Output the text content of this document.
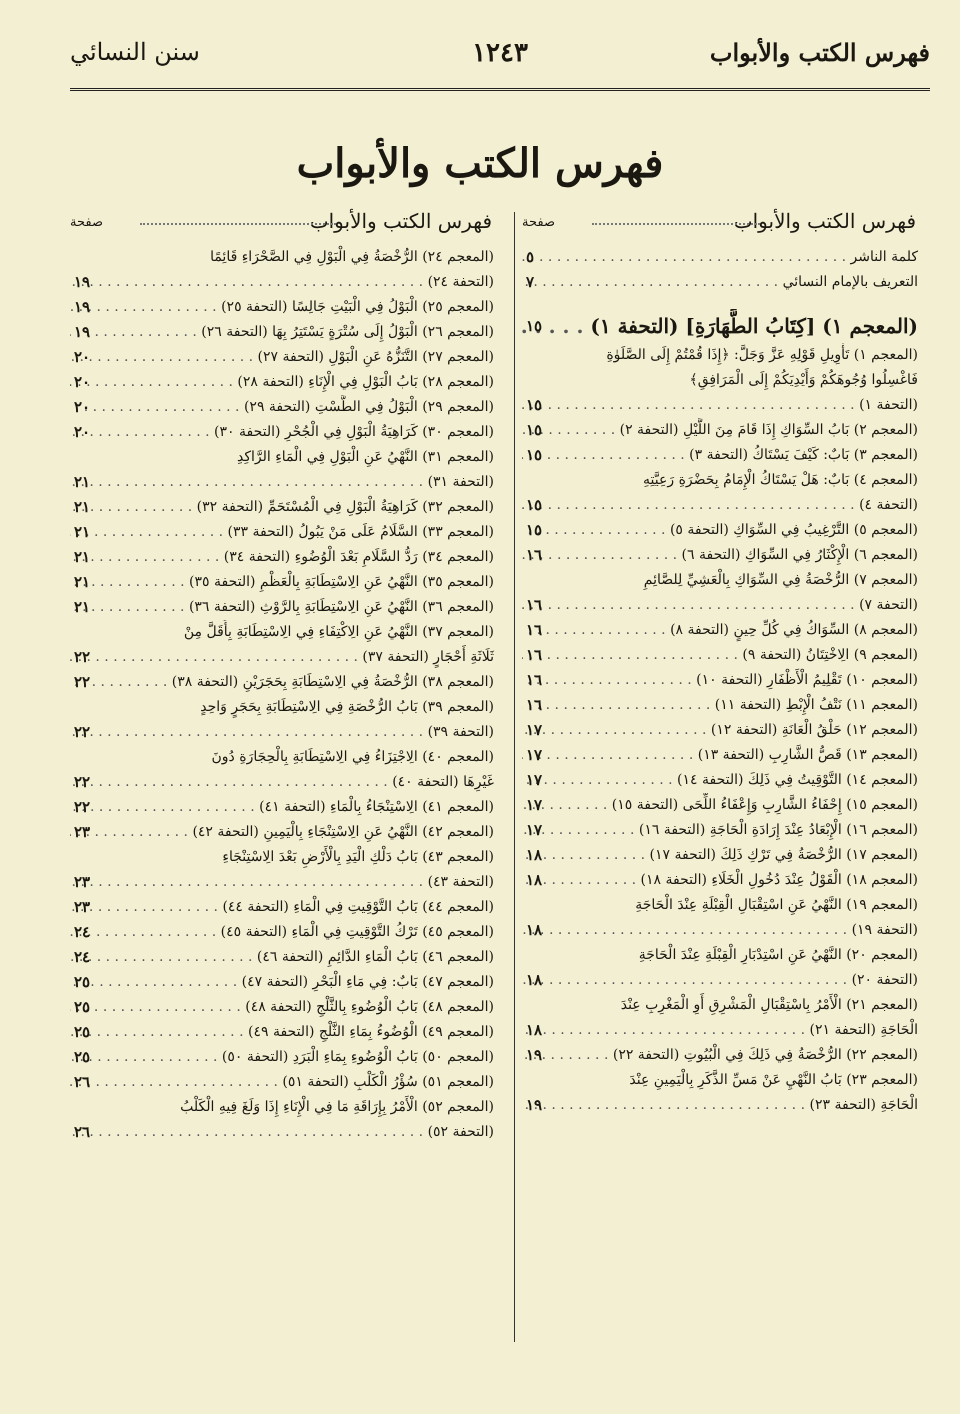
فهرس الكتب والأبواب
١٢٤٣
سنن النسائي
فهرس الكتب والأبواب
فهرس الكتب والأبواب
صفحة
كلمة الناشر . . .
٥
التعريف بالإمام النسائي . . .
٧
(المعجم ١) [كِتَابُ الطَّهَارَةِ] (التحفة ١) . . .
١٥
(المعجم ١) تَأْوِيلِ قَوْلِهِ عَزَّ وَجَلَّ: ﴿إِذَا قُمْتُمْ إِلَى الصَّلَوٰةِ
فَاغْسِلُوا وُجُوهَكُمْ وَأَيْدِيَكُمْ إِلَى الْمَرَافِقِ﴾
(التحفة ١) . . .
١٥
(المعجم ٢) بَابُ السِّوَاكِ إِذَا قَامَ مِنَ اللَّيْلِ (التحفة ٢) . . .
١٥
(المعجم ٣) بَابٌ: كَيْفَ يَسْتَاكُ (التحفة ٣) . . .
١٥
(المعجم ٤) بَابٌ: هَلْ يَسْتَاكُ الْإِمَامُ بِحَضْرَةِ رَعِيَّتِهِ
(التحفة ٤) . . .
١٥
(المعجم ٥) التَّرْغِيبُ فِي السِّوَاكِ (التحفة ٥) . . .
١٥
(المعجم ٦) الْإِكْثَارُ فِي السِّوَاكِ (التحفة ٦) . . .
١٦
(المعجم ٧) الرُّخْصَةُ فِي السِّوَاكِ بِالْعَشِيِّ لِلصَّائِمِ
(التحفة ٧) . . .
١٦
(المعجم ٨) السِّوَاكُ فِي كُلِّ حِينٍ (التحفة ٨) . . .
١٦
(المعجم ٩) الِاخْتِتَانُ (التحفة ٩) . . .
١٦
(المعجم ١٠) تَقْلِيمُ الْأَظْفَارِ (التحفة ١٠) . . .
١٦
(المعجم ١١) نَتْفُ الْإِبْطِ (التحفة ١١) . . .
١٦
(المعجم ١٢) حَلْقُ الْعَانَةِ (التحفة ١٢) . . .
١٧
(المعجم ١٣) قَصُّ الشَّارِبِ (التحفة ١٣) . . .
١٧
(المعجم ١٤) التَّوْقِيتُ فِي ذَلِكَ (التحفة ١٤) . . .
١٧
(المعجم ١٥) إِحْفَاءُ الشَّارِبِ وَإِعْفَاءُ اللِّحَى (التحفة ١٥) . . .
١٧
(المعجم ١٦) الْإِبْعَادُ عِنْدَ إِرَادَةِ الْحَاجَةِ (التحفة ١٦) . . .
١٧
(المعجم ١٧) الرُّخْصَةُ فِي تَرْكِ ذَلِكَ (التحفة ١٧) . . .
١٨
(المعجم ١٨) الْقَوْلُ عِنْدَ دُخُولِ الْخَلَاءِ (التحفة ١٨) . . .
١٨
(المعجم ١٩) النَّهْيُ عَنِ اسْتِقْبَالِ الْقِبْلَةِ عِنْدَ الْحَاجَةِ
(التحفة ١٩) . . .
١٨
(المعجم ٢٠) النَّهْيُ عَنِ اسْتِدْبَارِ الْقِبْلَةِ عِنْدَ الْحَاجَةِ
(التحفة ٢٠) . . .
١٨
(المعجم ٢١) الْأَمْرُ بِاسْتِقْبَالِ الْمَشْرِقِ أَوِ الْمَغْرِبِ عِنْدَ
الْحَاجَةِ (التحفة ٢١) . . .
١٨
(المعجم ٢٢) الرُّخْصَةُ فِي ذَلِكَ فِي الْبُيُوتِ (التحفة ٢٢) . . .
١٩
(المعجم ٢٣) بَابُ النَّهْيِ عَنْ مَسِّ الذَّكَرِ بِالْيَمِينِ عِنْدَ
الْحَاجَةِ (التحفة ٢٣) . . .
١٩
فهرس الكتب والأبواب
صفحة
(المعجم ٢٤) الرُّخْصَةُ فِي الْبَوْلِ فِي الصَّحْرَاءِ قَائِمًا
(التحفة ٢٤) . . .
١٩
(المعجم ٢٥) الْبَوْلُ فِي الْبَيْتِ جَالِسًا (التحفة ٢٥) . . .
١٩
(المعجم ٢٦) الْبَوْلُ إِلَى سُتْرَةٍ يَسْتَتِرُ بِهَا (التحفة ٢٦) . . .
١٩
(المعجم ٢٧) التَّنَزُّهُ عَنِ الْبَوْلِ (التحفة ٢٧) . . .
٢٠
(المعجم ٢٨) بَابُ الْبَوْلِ فِي الْإِنَاءِ (التحفة ٢٨) . . .
٢٠
(المعجم ٢٩) الْبَوْلُ فِي الطَّسْتِ (التحفة ٢٩) . . .
٢٠
(المعجم ٣٠) كَرَاهِيَةُ الْبَوْلِ فِي الْجُحْرِ (التحفة ٣٠) . . .
٢٠
(المعجم ٣١) النَّهْيُ عَنِ الْبَوْلِ فِي الْمَاءِ الرَّاكِدِ
(التحفة ٣١) . . .
٢١
(المعجم ٣٢) كَرَاهِيَةُ الْبَوْلِ فِي الْمُسْتَحَمِّ (التحفة ٣٢) . . .
٢١
(المعجم ٣٣) السَّلَامُ عَلَى مَنْ يَبُولُ (التحفة ٣٣) . . .
٢١
(المعجم ٣٤) رَدُّ السَّلَامِ بَعْدَ الْوُضُوءِ (التحفة ٣٤) . . .
٢١
(المعجم ٣٥) النَّهْيُ عَنِ الِاسْتِطَابَةِ بِالْعَظْمِ (التحفة ٣٥) . . .
٢١
(المعجم ٣٦) النَّهْيُ عَنِ الِاسْتِطَابَةِ بِالرَّوْثِ (التحفة ٣٦) . . .
٢١
(المعجم ٣٧) النَّهْيُ عَنِ الِاكْتِفَاءِ فِي الِاسْتِطَابَةِ بِأَقَلَّ مِنْ
ثَلَاثَةِ أَحْجَارٍ (التحفة ٣٧) . . .
٢٢
(المعجم ٣٨) الرُّخْصَةُ فِي الِاسْتِطَابَةِ بِحَجَرَيْنِ (التحفة ٣٨) . . .
٢٢
(المعجم ٣٩) بَابُ الرُّخْصَةِ فِي الِاسْتِطَابَةِ بِحَجَرٍ وَاحِدٍ
(التحفة ٣٩) . . .
٢٢
(المعجم ٤٠) الِاجْتِزَاءُ فِي الِاسْتِطَابَةِ بِالْحِجَارَةِ دُونَ
غَيْرِهَا (التحفة ٤٠) . . .
٢٢
(المعجم ٤١) الِاسْتِنْجَاءُ بِالْمَاءِ (التحفة ٤١) . . .
٢٢
(المعجم ٤٢) النَّهْيُ عَنِ الِاسْتِنْجَاءِ بِالْيَمِينِ (التحفة ٤٢) . . .
٢٣
(المعجم ٤٣) بَابُ دَلْكِ الْيَدِ بِالْأَرْضِ بَعْدَ الِاسْتِنْجَاءِ
(التحفة ٤٣) . . .
٢٣
(المعجم ٤٤) بَابُ التَّوْقِيتِ فِي الْمَاءِ (التحفة ٤٤) . . .
٢٣
(المعجم ٤٥) تَرْكُ التَّوْقِيتِ فِي الْمَاءِ (التحفة ٤٥) . . .
٢٤
(المعجم ٤٦) بَابُ الْمَاءِ الدَّائِمِ (التحفة ٤٦) . . .
٢٤
(المعجم ٤٧) بَابٌ: فِي مَاءِ الْبَحْرِ (التحفة ٤٧) . . .
٢٥
(المعجم ٤٨) بَابُ الْوُضُوءِ بِالثَّلْجِ (التحفة ٤٨) . . .
٢٥
(المعجم ٤٩) الْوُضُوءُ بِمَاءِ الثَّلْجِ (التحفة ٤٩) . . .
٢٥
(المعجم ٥٠) بَابُ الْوُضُوءِ بِمَاءِ الْبَرَدِ (التحفة ٥٠) . . .
٢٥
(المعجم ٥١) سُؤْرُ الْكَلْبِ (التحفة ٥١) . . .
٢٦
(المعجم ٥٢) الْأَمْرُ بِإِرَاقَةِ مَا فِي الْإِنَاءِ إِذَا وَلَغَ فِيهِ الْكَلْبُ
(التحفة ٥٢) . . .
٢٦
